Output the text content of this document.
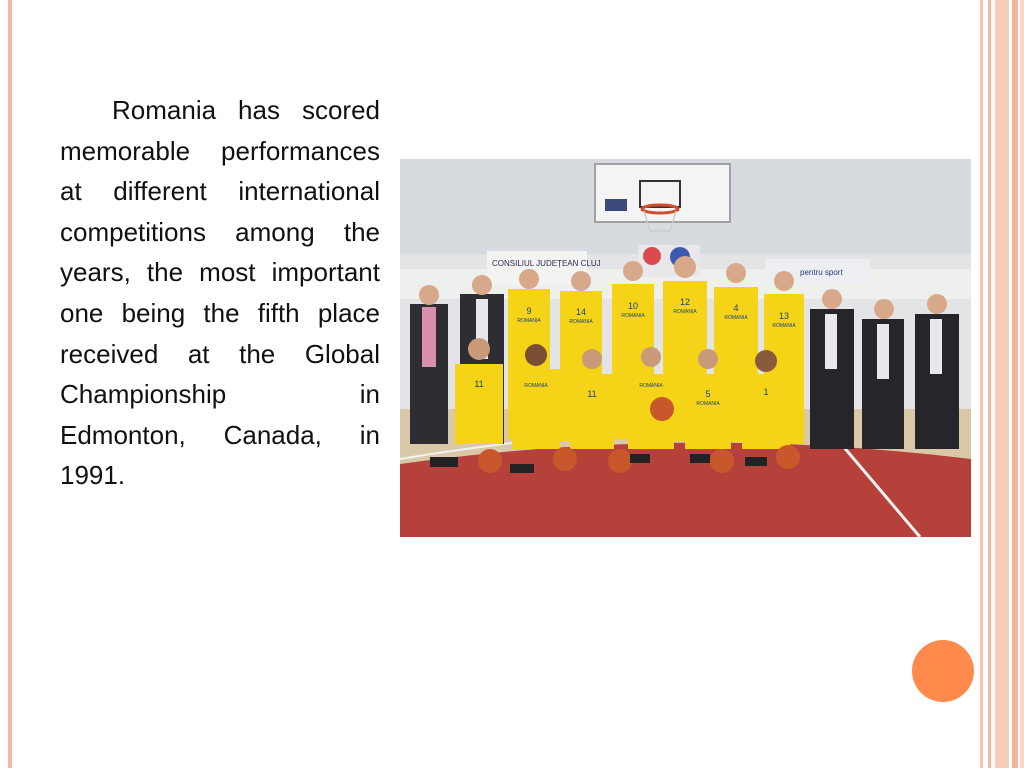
Romania has scored memorable performances at different international competitions among the years, the most important one being the fifth place received at the Global Championship in Edmonton, Canada, in 1991.

CONSILIUL JUDEȚEAN CLUJ
pentru sport
9	14
10	12
4
13
ROMANIA	ROMANIA
ROMANIA
ROMANIA
ROMANIA
ROMANIA
11
11	5	1
ROMANIA	ROMANIA
ROMANIA
